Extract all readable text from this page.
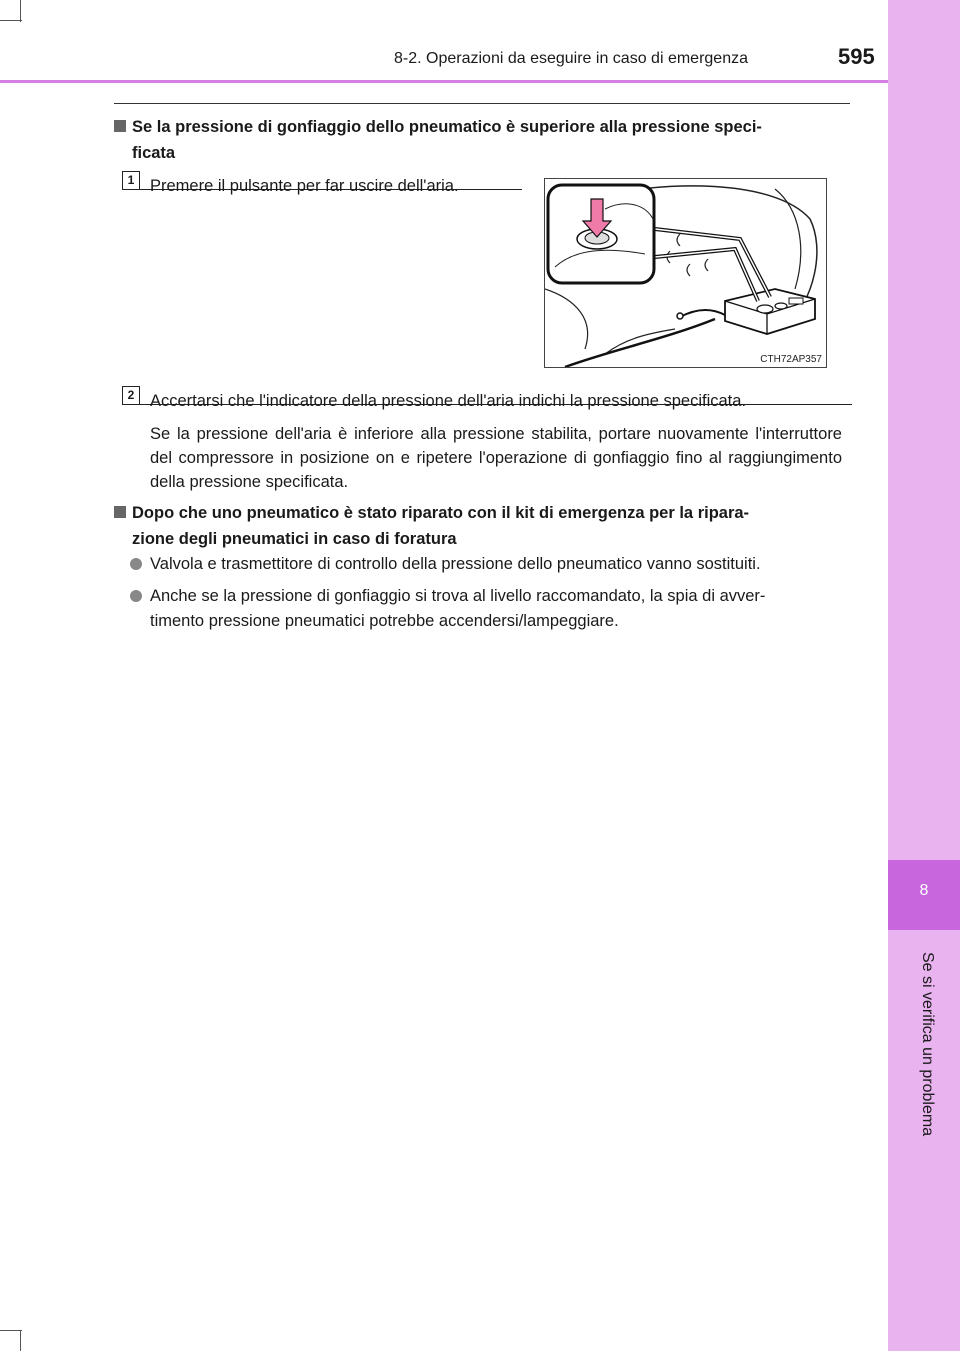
8
Se si verifica un problema
8-2. Operazioni da eseguire in caso di emergenza	595
Se la pressione di gonfiaggio dello pneumatico è superiore alla pressione speci-
ficata
1 Premere il pulsante per far uscire dell'aria.
CTH72AP357
2 Accertarsi che l'indicatore della pressione dell'aria indichi la pressione specificata.
Se la pressione dell'aria è inferiore alla pressione stabilita, portare nuovamente l'interruttore del compressore in posizione on e ripetere l'operazione di gonfiaggio fino al raggiungimento della pressione specificata.
Dopo che uno pneumatico è stato riparato con il kit di emergenza per la ripara-
zione degli pneumatici in caso di foratura
Valvola e trasmettitore di controllo della pressione dello pneumatico vanno sostituiti.
Anche se la pressione di gonfiaggio si trova al livello raccomandato, la spia di avver-
timento pressione pneumatici potrebbe accendersi/lampeggiare.
